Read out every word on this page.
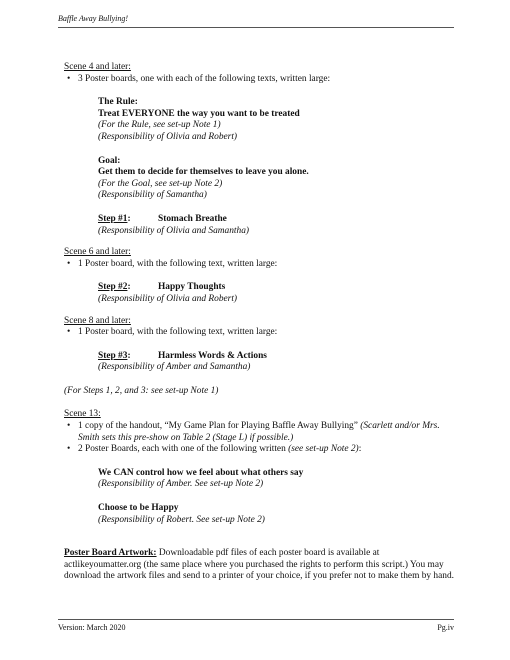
Baffle Away Bullying!

Scene 4 and later:

• 3 Poster boards, one with each of the following texts, written large:

The Rule:

Treat EVERYONE the way you want to be treated

(For the Rule, see set-up Note 1)

(Responsibility of Olivia and Robert)

Goal:

Get them to decide for themselves to leave you alone.

(For the Goal, see set-up Note 2)

(Responsibility of Samantha)

Step #1:	Stomach Breathe

(Responsibility of Olivia and Samantha)

Scene 6 and later:

• 1 Poster board, with the following text, written large:

Step #2:	Happy Thoughts

(Responsibility of Olivia and Robert)

Scene 8 and later:

• 1 Poster board, with the following text, written large:

Step #3:	Harmless Words & Actions

(Responsibility of Amber and Samantha)

(For Steps 1, 2, and 3: see set-up Note 1)

Scene 13:

• 1 copy of the handout, “My Game Plan for Playing Baffle Away Bullying” (Scarlett and/or Mrs. Smith sets this pre-show on Table 2 (Stage L) if possible.)

• 2 Poster Boards, each with one of the following written (see set-up Note 2):

We CAN control how we feel about what others say

(Responsibility of Amber. See set-up Note 2)

Choose to be Happy

(Responsibility of Robert. See set-up Note 2)

Poster Board Artwork: Downloadable pdf files of each poster board is available at actlikeyoumatter.org (the same place where you purchased the rights to perform this script.) You may download the artwork files and send to a printer of your choice, if you prefer not to make them by hand.

Version: March 2020	Pg.iv
